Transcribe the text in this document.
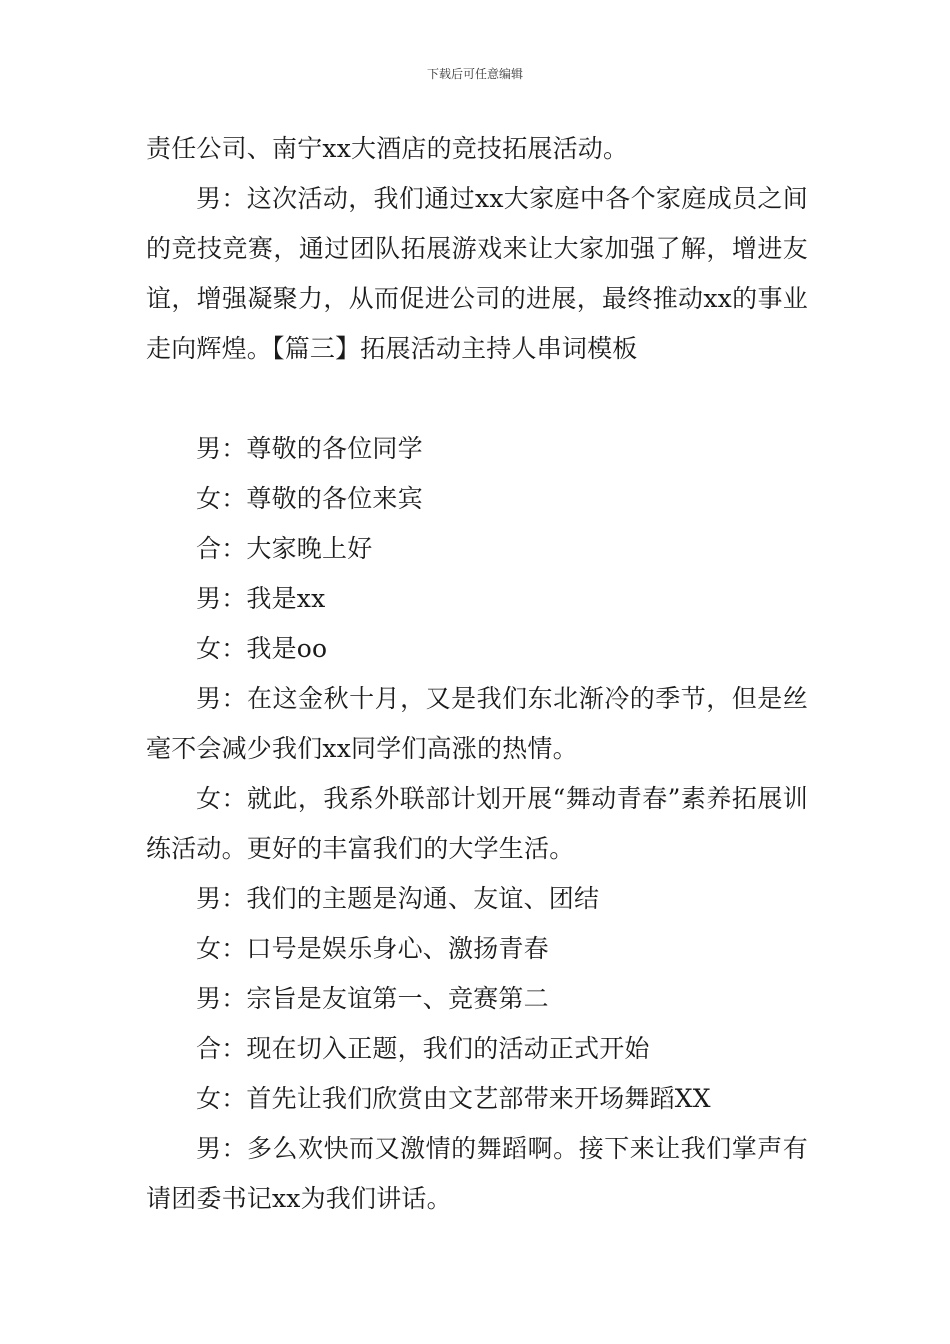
下载后可任意编辑

责任公司、南宁xx大酒店的竞技拓展活动。

男：这次活动，我们通过xx大家庭中各个家庭成员之间的竞技竞赛，通过团队拓展游戏来让大家加强了解，增进友谊，增强凝聚力，从而促进公司的进展，最终推动xx的事业走向辉煌。【篇三】拓展活动主持人串词模板

男：尊敬的各位同学

女：尊敬的各位来宾

合：大家晚上好

男：我是xx

女：我是oo

男：在这金秋十月，又是我们东北渐冷的季节，但是丝毫不会减少我们xx同学们高涨的热情。

女：就此，我系外联部计划开展“舞动青春”素养拓展训练活动。更好的丰富我们的大学生活。

男：我们的主题是沟通、友谊、团结

女：口号是娱乐身心、激扬青春

男：宗旨是友谊第一、竞赛第二

合：现在切入正题，我们的活动正式开始

女：首先让我们欣赏由文艺部带来开场舞蹈XX

男：多么欢快而又激情的舞蹈啊。接下来让我们掌声有请团委书记xx为我们讲话。
